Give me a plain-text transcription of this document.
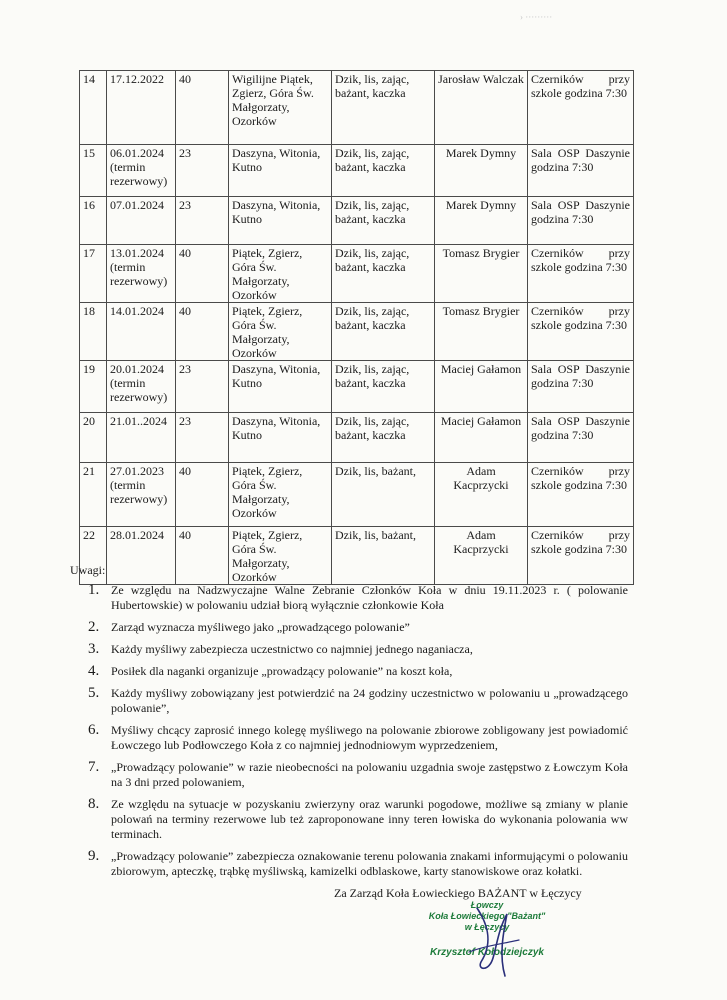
› ·········
14	17.12.2022	40	Wigilijne Piątek, Zgierz, Góra Św. Małgorzaty, Ozorków	Dzik, lis, zając, bażant, kaczka	Jarosław Walczak	Czerników przy szkole godzina 7:30
15	06.01.2024 (termin rezerwowy)	23	Daszyna, Witonia, Kutno	Dzik, lis, zając, bażant, kaczka	Marek Dymny	Sala OSP Daszynie godzina 7:30
16	07.01.2024	23	Daszyna, Witonia, Kutno	Dzik, lis, zając, bażant, kaczka	Marek Dymny	Sala OSP Daszynie godzina 7:30
17	13.01.2024 (termin rezerwowy)	40	Piątek, Zgierz, Góra Św. Małgorzaty, Ozorków	Dzik, lis, zając, bażant, kaczka	Tomasz Brygier	Czerników przy szkole godzina 7:30
18	14.01.2024	40	Piątek, Zgierz, Góra Św. Małgorzaty, Ozorków	Dzik, lis, zając, bażant, kaczka	Tomasz Brygier	Czerników przy szkole godzina 7:30
19	20.01.2024 (termin rezerwowy)	23	Daszyna, Witonia, Kutno	Dzik, lis, zając, bażant, kaczka	Maciej Gałamon	Sala OSP Daszynie godzina 7:30
20	21.01..2024	23	Daszyna, Witonia, Kutno	Dzik, lis, zając, bażant, kaczka	Maciej Gałamon	Sala OSP Daszynie godzina 7:30
21	27.01.2023 (termin rezerwowy)	40	Piątek, Zgierz, Góra Św. Małgorzaty, Ozorków	Dzik, lis, bażant,	Adam Kacprzycki	Czerników przy szkole godzina 7:30
22	28.01.2024	40	Piątek, Zgierz, Góra Św. Małgorzaty, Ozorków	Dzik, lis, bażant,	Adam Kacprzycki	Czerników przy szkole godzina 7:30
Uwagi:
1. Ze względu na Nadzwyczajne Walne Zebranie Członków Koła w dniu 19.11.2023 r. ( polowanie Hubertowskie) w polowaniu udział biorą wyłącznie członkowie Koła
2. Zarząd wyznacza myśliwego jako „prowadzącego polowanie”
3. Każdy myśliwy zabezpiecza uczestnictwo co najmniej jednego naganiacza,
4. Posiłek dla naganki organizuje „prowadzący polowanie” na koszt koła,
5. Każdy myśliwy zobowiązany jest potwierdzić na 24 godziny uczestnictwo w polowaniu u „prowadzącego polowanie”,
6. Myśliwy chcący zaprosić innego kolegę myśliwego na polowanie zbiorowe zobligowany jest powiadomić Łowczego lub Podłowczego Koła z co najmniej jednodniowym wyprzedzeniem,
7. „Prowadzący polowanie” w razie nieobecności na polowaniu uzgadnia swoje zastępstwo z Łowczym Koła na 3 dni przed polowaniem,
8. Ze względu na sytuacje w pozyskaniu zwierzyny oraz warunki pogodowe, możliwe są zmiany w planie polowań na terminy rezerwowe lub też zaproponowane inny teren łowiska do wykonania polowania ww terminach.
9. „Prowadzący polowanie” zabezpiecza oznakowanie terenu polowania znakami informującymi o polowaniu zbiorowym, apteczkę, trąbkę myśliwską, kamizelki odblaskowe, karty stanowiskowe oraz kołatki.
Za Zarząd Koła Łowieckiego BAŻANT w Łęczycy
Łowczy
Koła Łowieckiego "Bażant"
w Łęczycy
Krzysztof Kołodziejczyk
